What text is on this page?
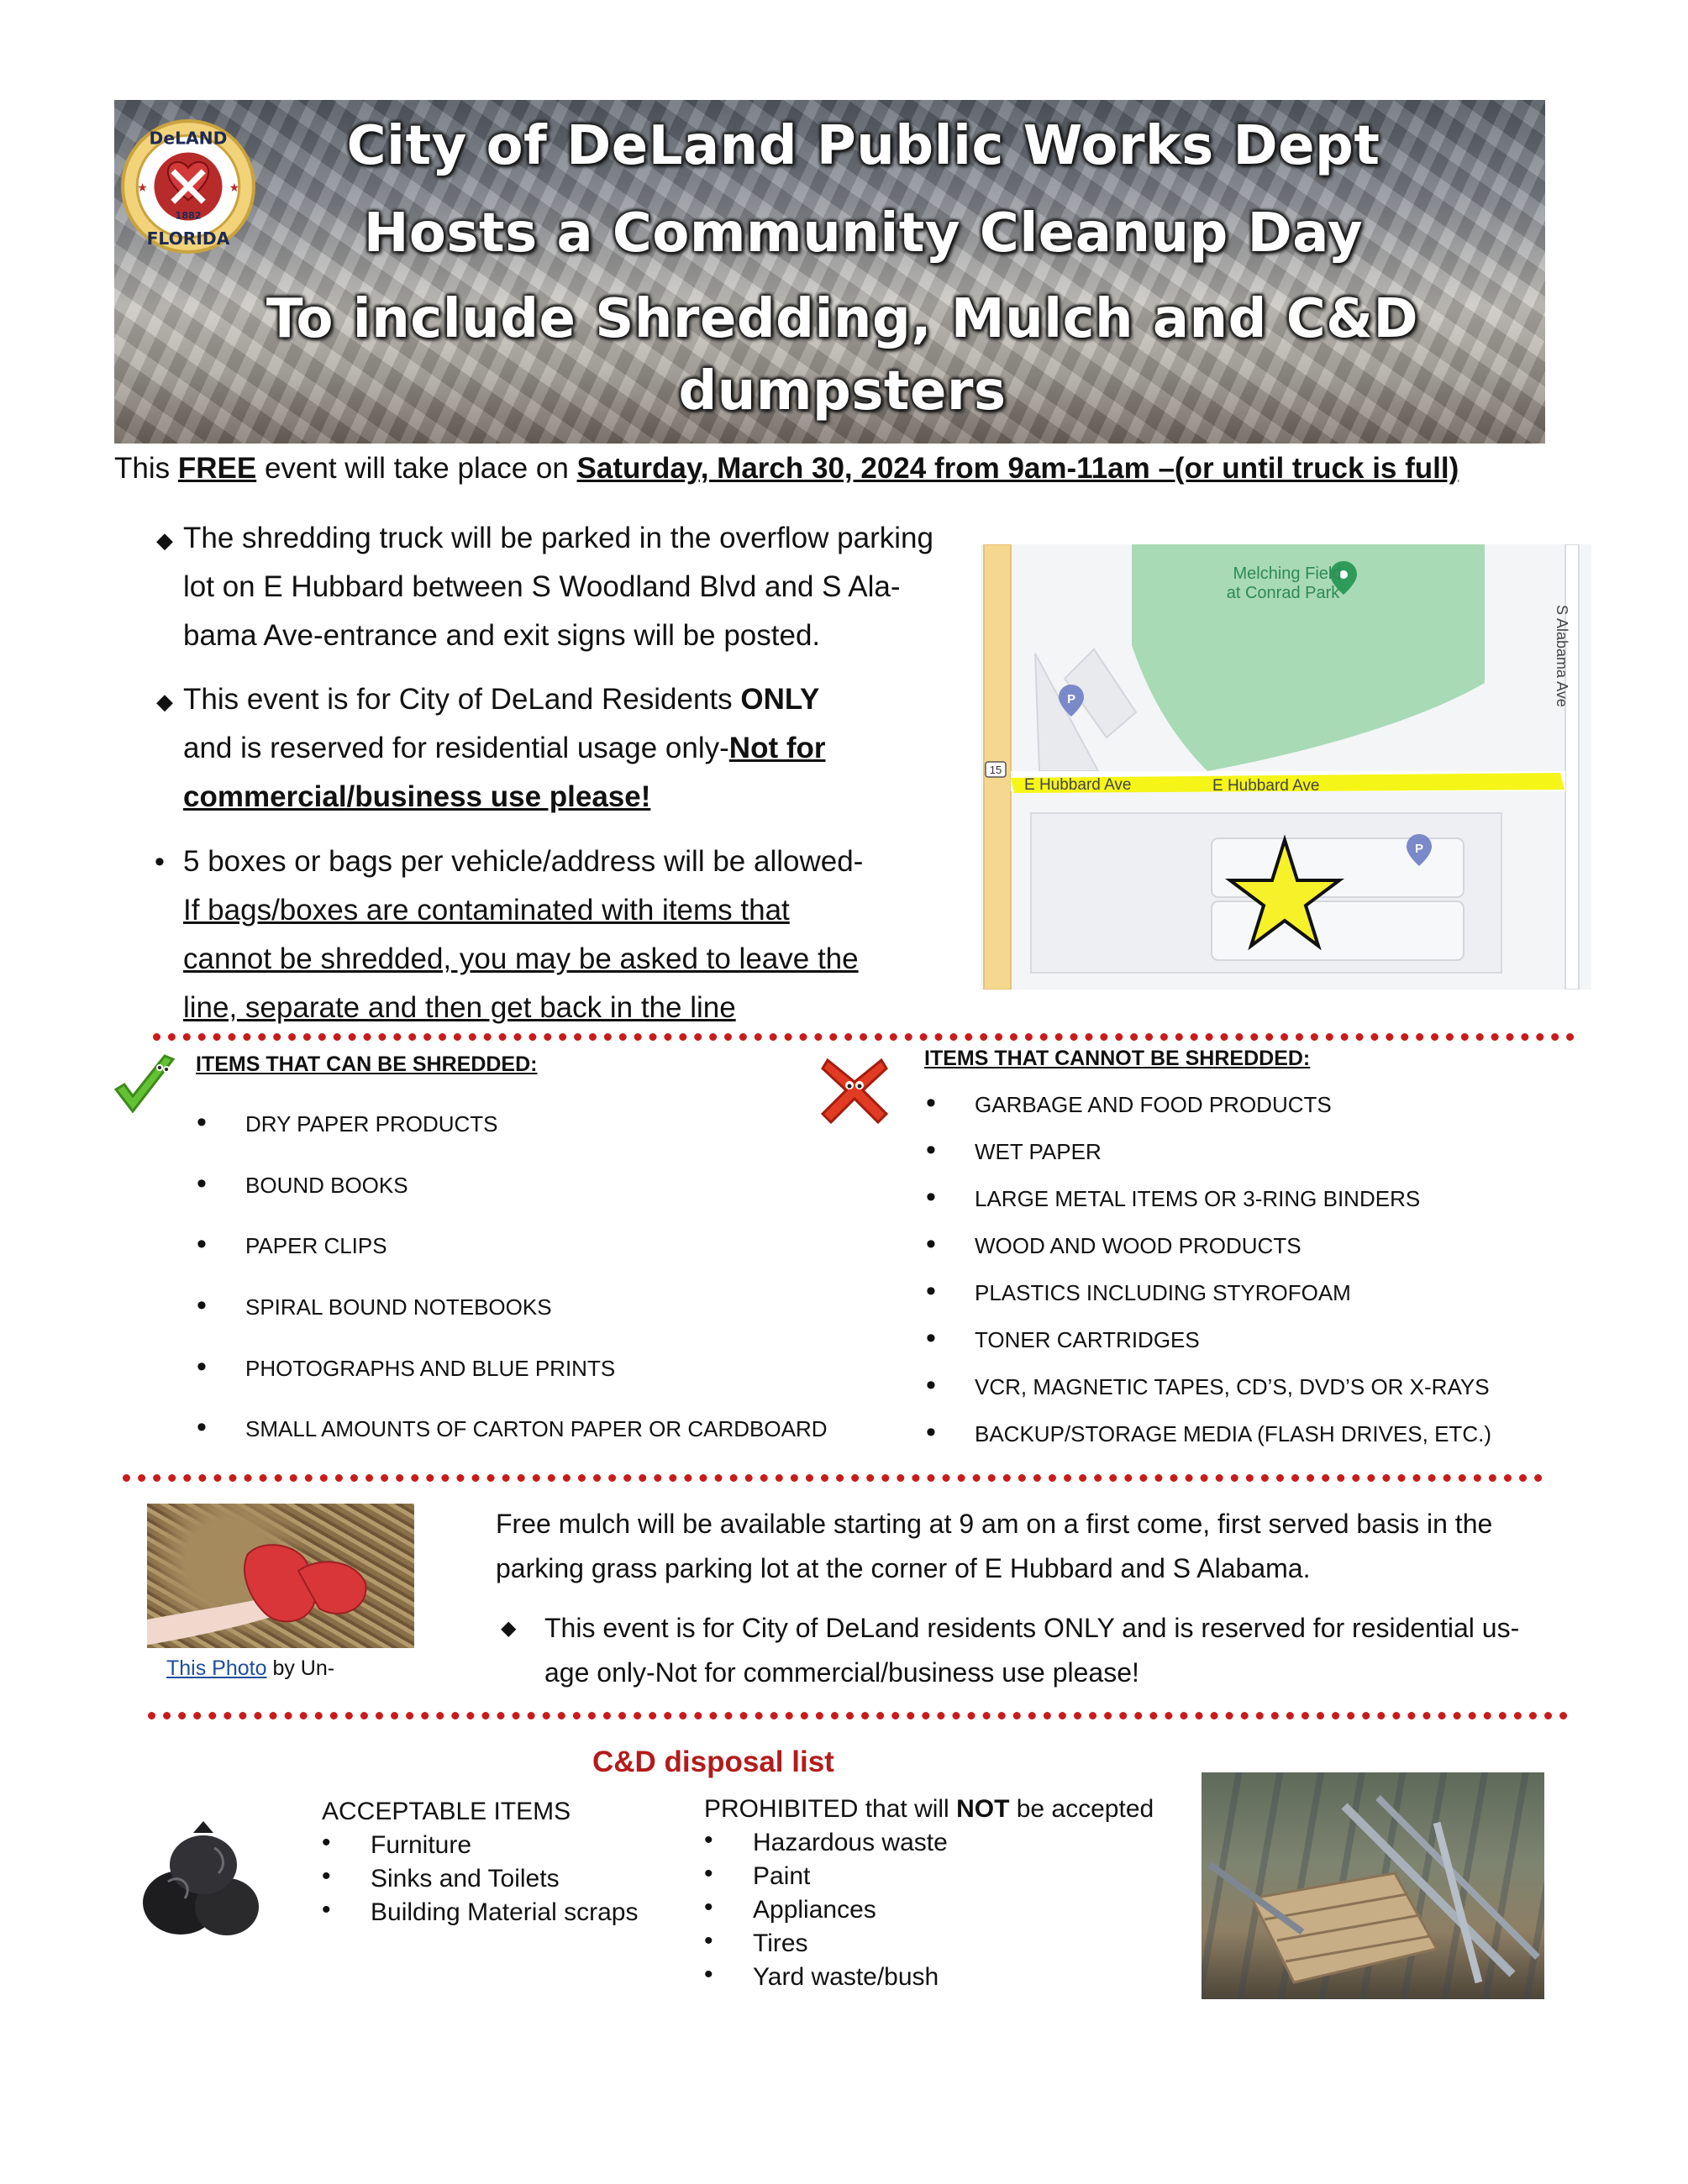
DeLAND
1882
FLORIDA
★	★
City of DeLand Public Works Dept
Hosts a Community Cleanup Day
To include Shredding, Mulch and C&D
dumpsters
This FREE event will take place on Saturday, March 30, 2024 from 9am-11am –(or until truck is full)
◆ The shredding truck will be parked in the overflow parking
lot on E Hubbard between S Woodland Blvd and S Ala-
bama Ave-entrance and exit signs will be posted.
◆ This event is for City of DeLand Residents ONLY
and is reserved for residential usage only-Not for
commercial/business use please!
• 5 boxes or bags per vehicle/address will be allowed-
If bags/boxes are contaminated with items that
cannot be shredded, you may be asked to leave the
line, separate and then get back in the line
Melching Field
at Conrad Park
E Hubbard Ave	E Hubbard Ave
S Alabama Ave
15
P
P
ITEMS THAT CAN BE SHREDDED:
• DRY PAPER PRODUCTS
• BOUND BOOKS
• PAPER CLIPS
• SPIRAL BOUND NOTEBOOKS
• PHOTOGRAPHS AND BLUE PRINTS
• SMALL AMOUNTS OF CARTON PAPER OR CARDBOARD
ITEMS THAT CANNOT BE SHREDDED:
• GARBAGE AND FOOD PRODUCTS
• WET PAPER
• LARGE METAL ITEMS OR 3-RING BINDERS
• WOOD AND WOOD PRODUCTS
• PLASTICS INCLUDING STYROFOAM
• TONER CARTRIDGES
• VCR, MAGNETIC TAPES, CD’S, DVD’S OR X-RAYS
• BACKUP/STORAGE MEDIA (FLASH DRIVES, ETC.)
This Photo by Un-
Free mulch will be available starting at 9 am on a first come, first served basis in the
parking grass parking lot at the corner of E Hubbard and S Alabama.
◆ This event is for City of DeLand residents ONLY and is reserved for residential us-
age only-Not for commercial/business use please!
C&D disposal list
ACCEPTABLE ITEMS
• Furniture
• Sinks and Toilets
• Building Material scraps
PROHIBITED that will NOT be accepted
• Hazardous waste
• Paint
• Appliances
• Tires
• Yard waste/bush
